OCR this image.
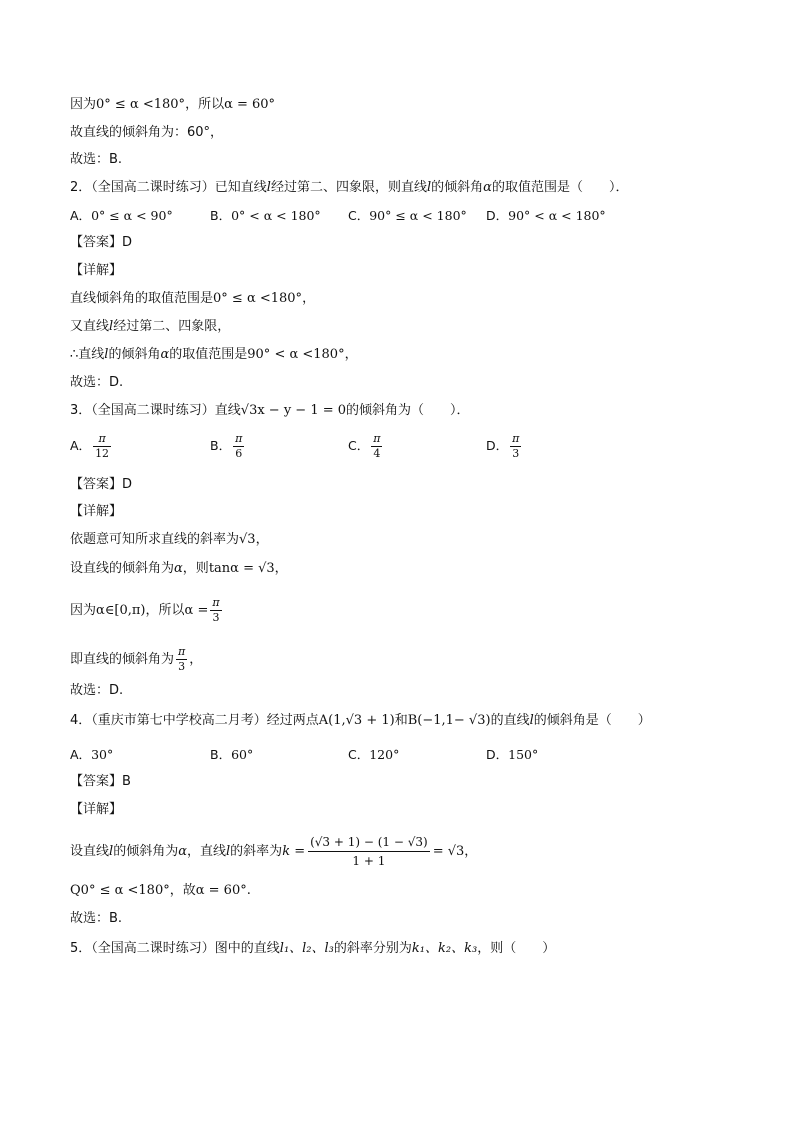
因为0° ≤ α <180°，所以α = 60°
故直线的倾斜角为：60°，
故选：B.
2．（全国高二课时练习）已知直线l经过第二、四象限，则直线l的倾斜角α的取值范围是（　　）．
A．0° ≤ α < 90°	B．0° < α < 180° C．90° ≤ α < 180° D．90° < α < 180°
【答案】D
【详解】
直线倾斜角的取值范围是0° ≤ α <180°，
又直线l经过第二、四象限，
∴直线l的倾斜角α的取值范围是90° < α <180°，
故选：D.
3．（全国高二课时练习）直线√3x − y − 1 = 0的倾斜角为（　　）．
A． $\frac{\pi}{12}$	B． $\frac{\pi}{6}$	C． $\frac{\pi}{4}$	D． $\frac{\pi}{3}$
【答案】D
【详解】
依题意可知所求直线的斜率为√3，
设直线的倾斜角为α，则tanα = √3，
因为α∈[0,π)，所以$\alpha = \frac{\pi}{3}$
即直线的倾斜角为 $\frac{\pi}{3}$ ，
故选：D.
4．（重庆市第七中学校高二月考）经过两点A(1,√3 + 1)和B(−1,1− √3)的直线l的倾斜角是（　　）
A．30°	B．60°	C．120°	D．150°
【答案】B
【详解】
设直线l的倾斜角为α，直线l的斜率为$k = \frac{(√3 + 1) - (1 - √3)}{1 + 1} = √3$，
Q0° ≤ α <180°，故α = 60°.
故选：B.
5．（全国高二课时练习）图中的直线l₁、l₂、l₃的斜率分别为k₁、k₂、k₃，则（　　）
